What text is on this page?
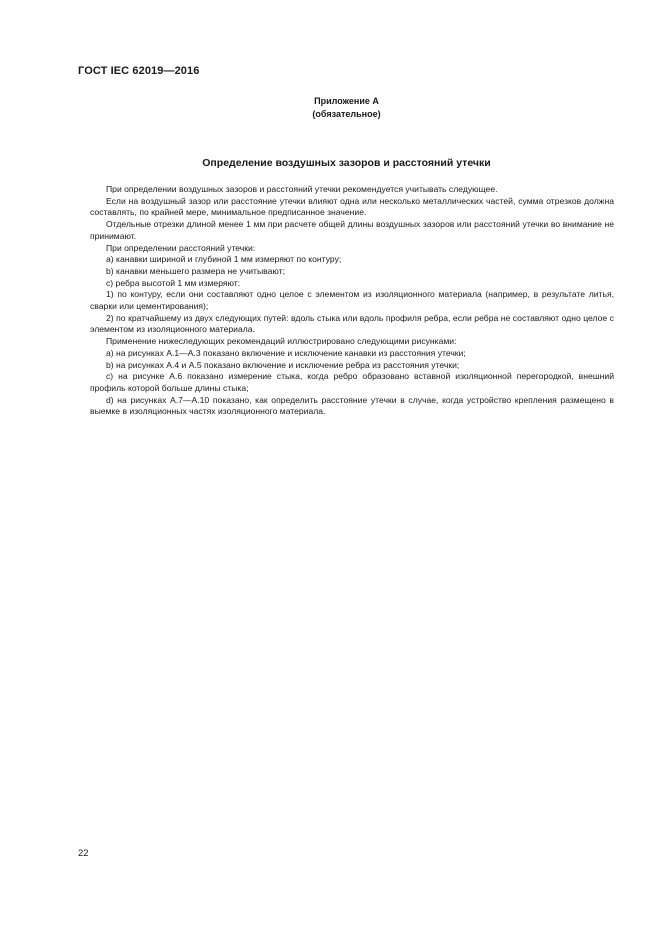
ГОСТ IEC 62019—2016
Приложение А
(обязательное)
Определение воздушных зазоров и расстояний утечки

При определении воздушных зазоров и расстояний утечки рекомендуется учитывать следующее.

Если на воздушный зазор или расстояние утечки влияют одна или несколько металлических частей, сумма отрезков должна составлять, по крайней мере, минимальное предписанное значение.

Отдельные отрезки длиной менее 1 мм при расчете общей длины воздушных зазоров или расстояний утечки во внимание не принимают.

При определении расстояний утечки:

a) канавки шириной и глубиной 1 мм измеряют по контуру;

b) канавки меньшего размера не учитывают;

c) ребра высотой 1 мм измеряют:

1) по контуру, если они составляют одно целое с элементом из изоляционного материала (например, в результате литья, сварки или цементирования);

2) по кратчайшему из двух следующих путей: вдоль стыка или вдоль профиля ребра, если ребра не составляют одно целое с элементом из изоляционного материала.

Применение нижеследующих рекомендаций иллюстрировано следующими рисунками:

a) на рисунках А.1—А.3 показано включение и исключение канавки из расстояния утечки;

b) на рисунках А.4 и А.5 показано включение и исключение ребра из расстояния утечки;

c) на рисунке А.6 показано измерение стыка, когда ребро образовано вставной изоляционной перегородкой, внешний профиль которой больше длины стыка;

d) на рисунках А.7—А.10 показано, как определить расстояние утечки в случае, когда устройство крепления размещено в выемке в изоляционных частях изоляционного материала.

22
